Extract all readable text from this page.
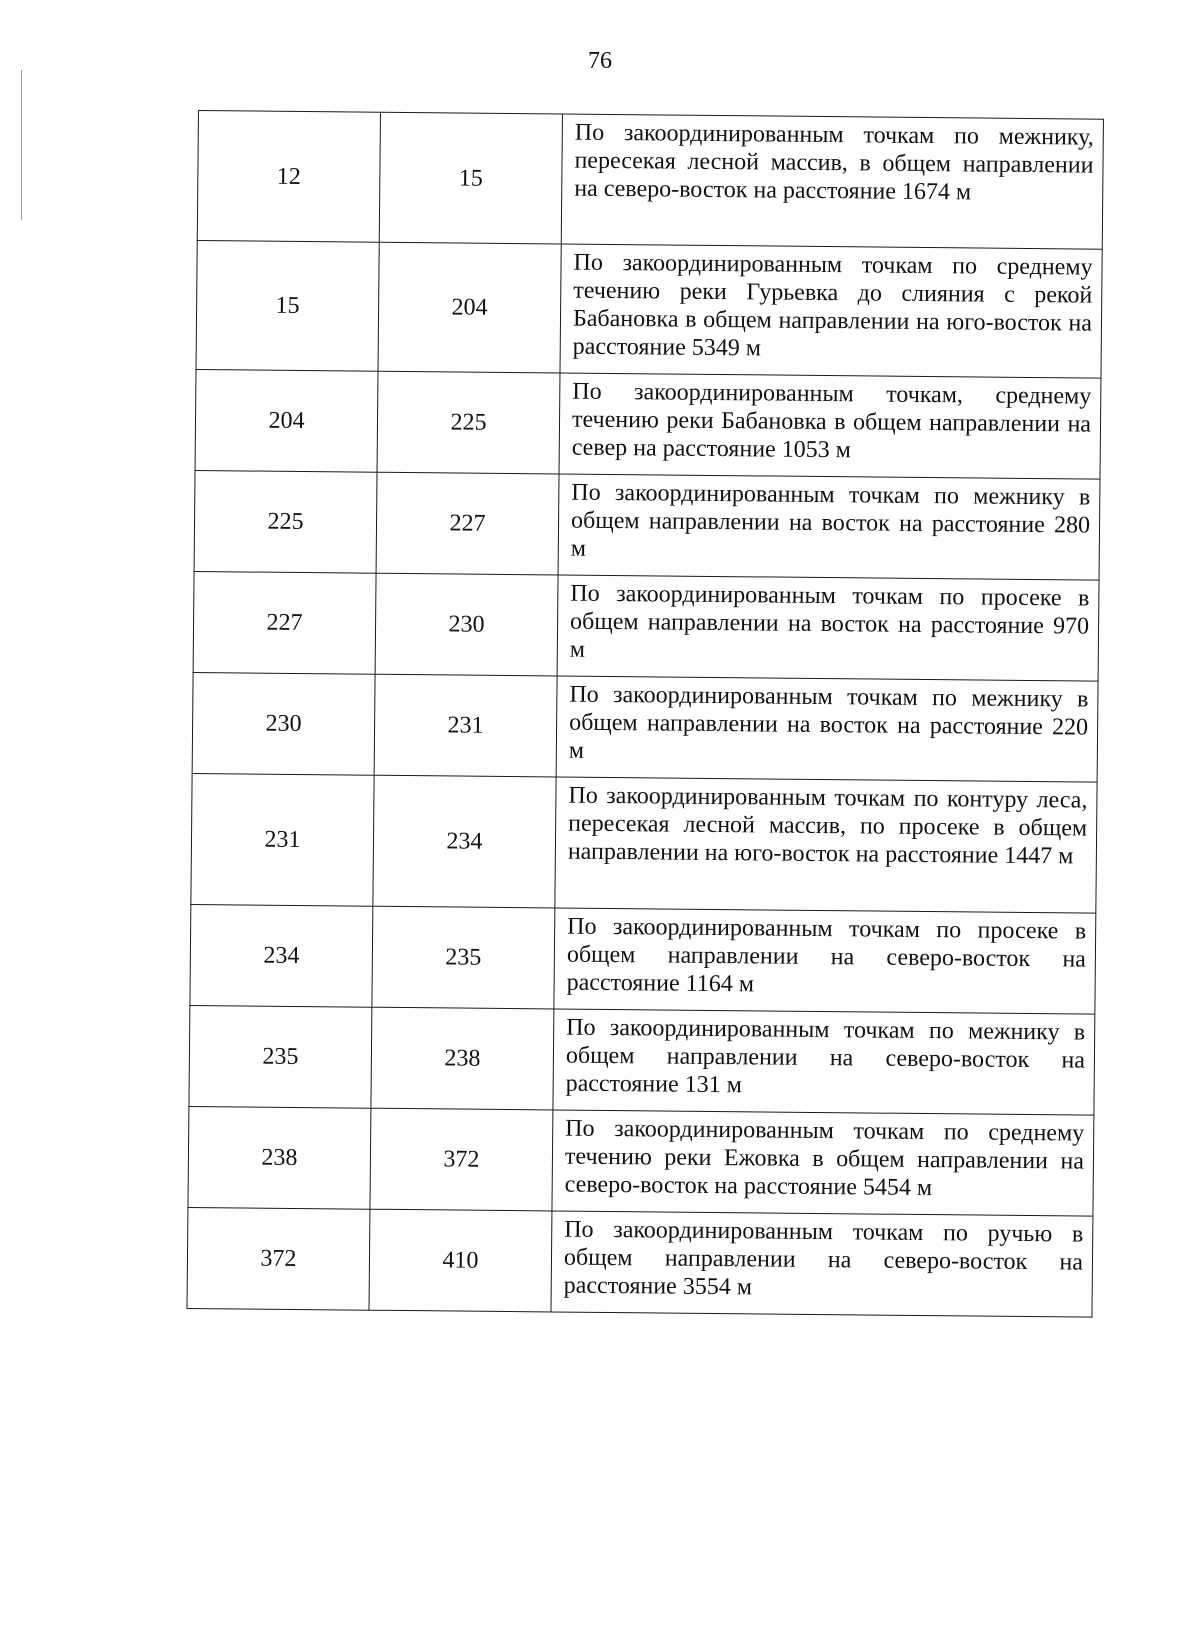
76
12	15	По закоординированным точкам по межнику, пересекая лесной массив, в общем направлении на северо-восток на расстояние 1674 м
15	204	По закоординированным точкам по среднему течению реки Гурьевка до слияния с рекой Бабановка в общем направлении на юго-восток на расстояние 5349 м
204	225	По закоординированным точкам, среднему течению реки Бабановка в общем направлении на север на расстояние 1053 м
225	227	По закоординированным точкам по межнику в общем направлении на восток на расстояние 280 м
227	230	По закоординированным точкам по просеке в общем направлении на восток на расстояние 970 м
230	231	По закоординированным точкам по межнику в общем направлении на восток на расстояние 220 м
231	234	По закоординированным точкам по контуру леса, пересекая лесной массив, по просеке в общем направлении на юго-восток на расстояние 1447 м
234	235	По закоординированным точкам по просеке в общем направлении на северо-восток на расстояние 1164 м
235	238	По закоординированным точкам по межнику в общем направлении на северо-восток на расстояние 131 м
238	372	По закоординированным точкам по среднему течению реки Ежовка в общем направлении на северо-восток на расстояние 5454 м
372	410	По закоординированным точкам по ручью в общем направлении на северо-восток на расстояние 3554 м
